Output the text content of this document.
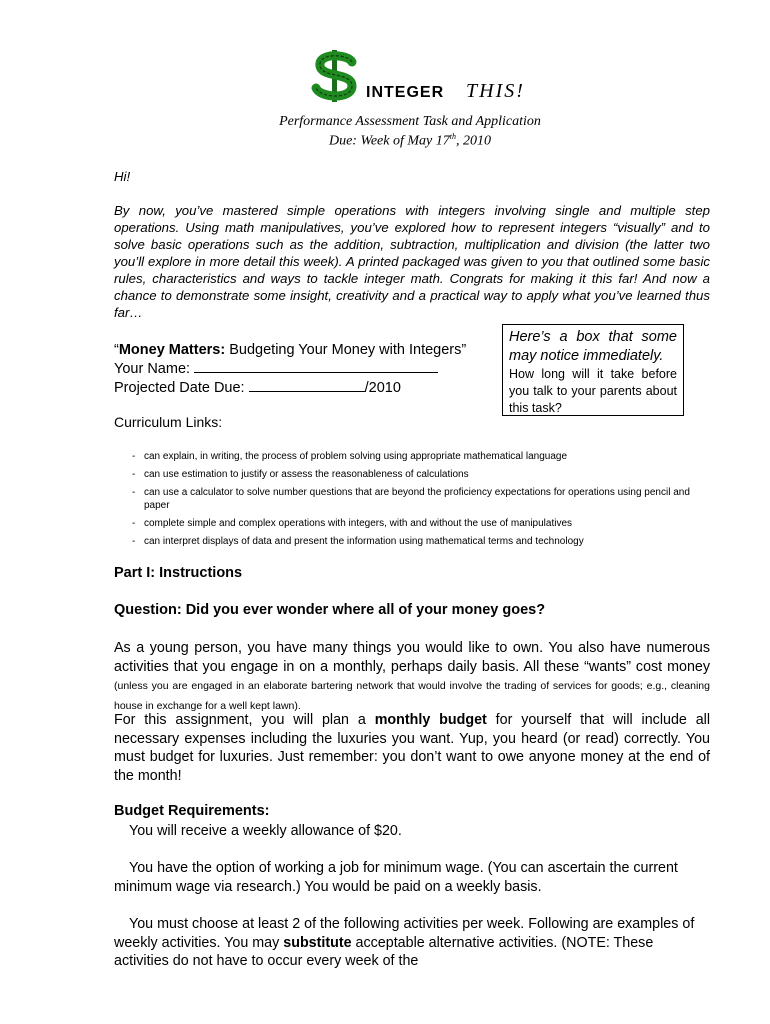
INTEGER THIS!
Performance Assessment Task and Application
Due: Week of May 17th, 2010
Hi!
By now, you’ve mastered simple operations with integers involving single and multiple step operations. Using math manipulatives, you’ve explored how to represent integers “visually” and to solve basic operations such as the addition, subtraction, multiplication and division (the latter two you’ll explore in more detail this week). A printed packaged was given to you that outlined some basic rules, characteristics and ways to tackle integer math. Congrats for making it this far! And now a chance to demonstrate some insight, creativity and a practical way to apply what you’ve learned thus far…
“Money Matters: Budgeting Your Money with Integers”
Your Name:
Projected Date Due:	/2010
Here’s a box that some may notice immediately.
How long will it take before you talk to your parents about this task?
Curriculum Links:
- can explain, in writing, the process of problem solving using appropriate mathematical language
- can use estimation to justify or assess the reasonableness of calculations
- can use a calculator to solve number questions that are beyond the proficiency expectations for operations using pencil and paper
- complete simple and complex operations with integers, with and without the use of manipulatives
- can interpret displays of data and present the information using mathematical terms and technology
Part I: Instructions
Question: Did you ever wonder where all of your money goes?
As a young person, you have many things you would like to own. You also have numerous activities that you engage in on a monthly, perhaps daily basis. All these “wants” cost money (unless you are engaged in an elaborate bartering network that would involve the trading of services for goods; e.g., cleaning house in exchange for a well kept lawn).
For this assignment, you will plan a monthly budget for yourself that will include all necessary expenses including the luxuries you want. Yup, you heard (or read) correctly. You must budget for luxuries. Just remember: you don’t want to owe anyone money at the end of the month!
Budget Requirements:
You will receive a weekly allowance of $20.
You have the option of working a job for minimum wage. (You can ascertain the current minimum wage via research.) You would be paid on a weekly basis.
You must choose at least 2 of the following activities per week. Following are examples of weekly activities. You may substitute acceptable alternative activities. (NOTE: These activities do not have to occur every week of the
